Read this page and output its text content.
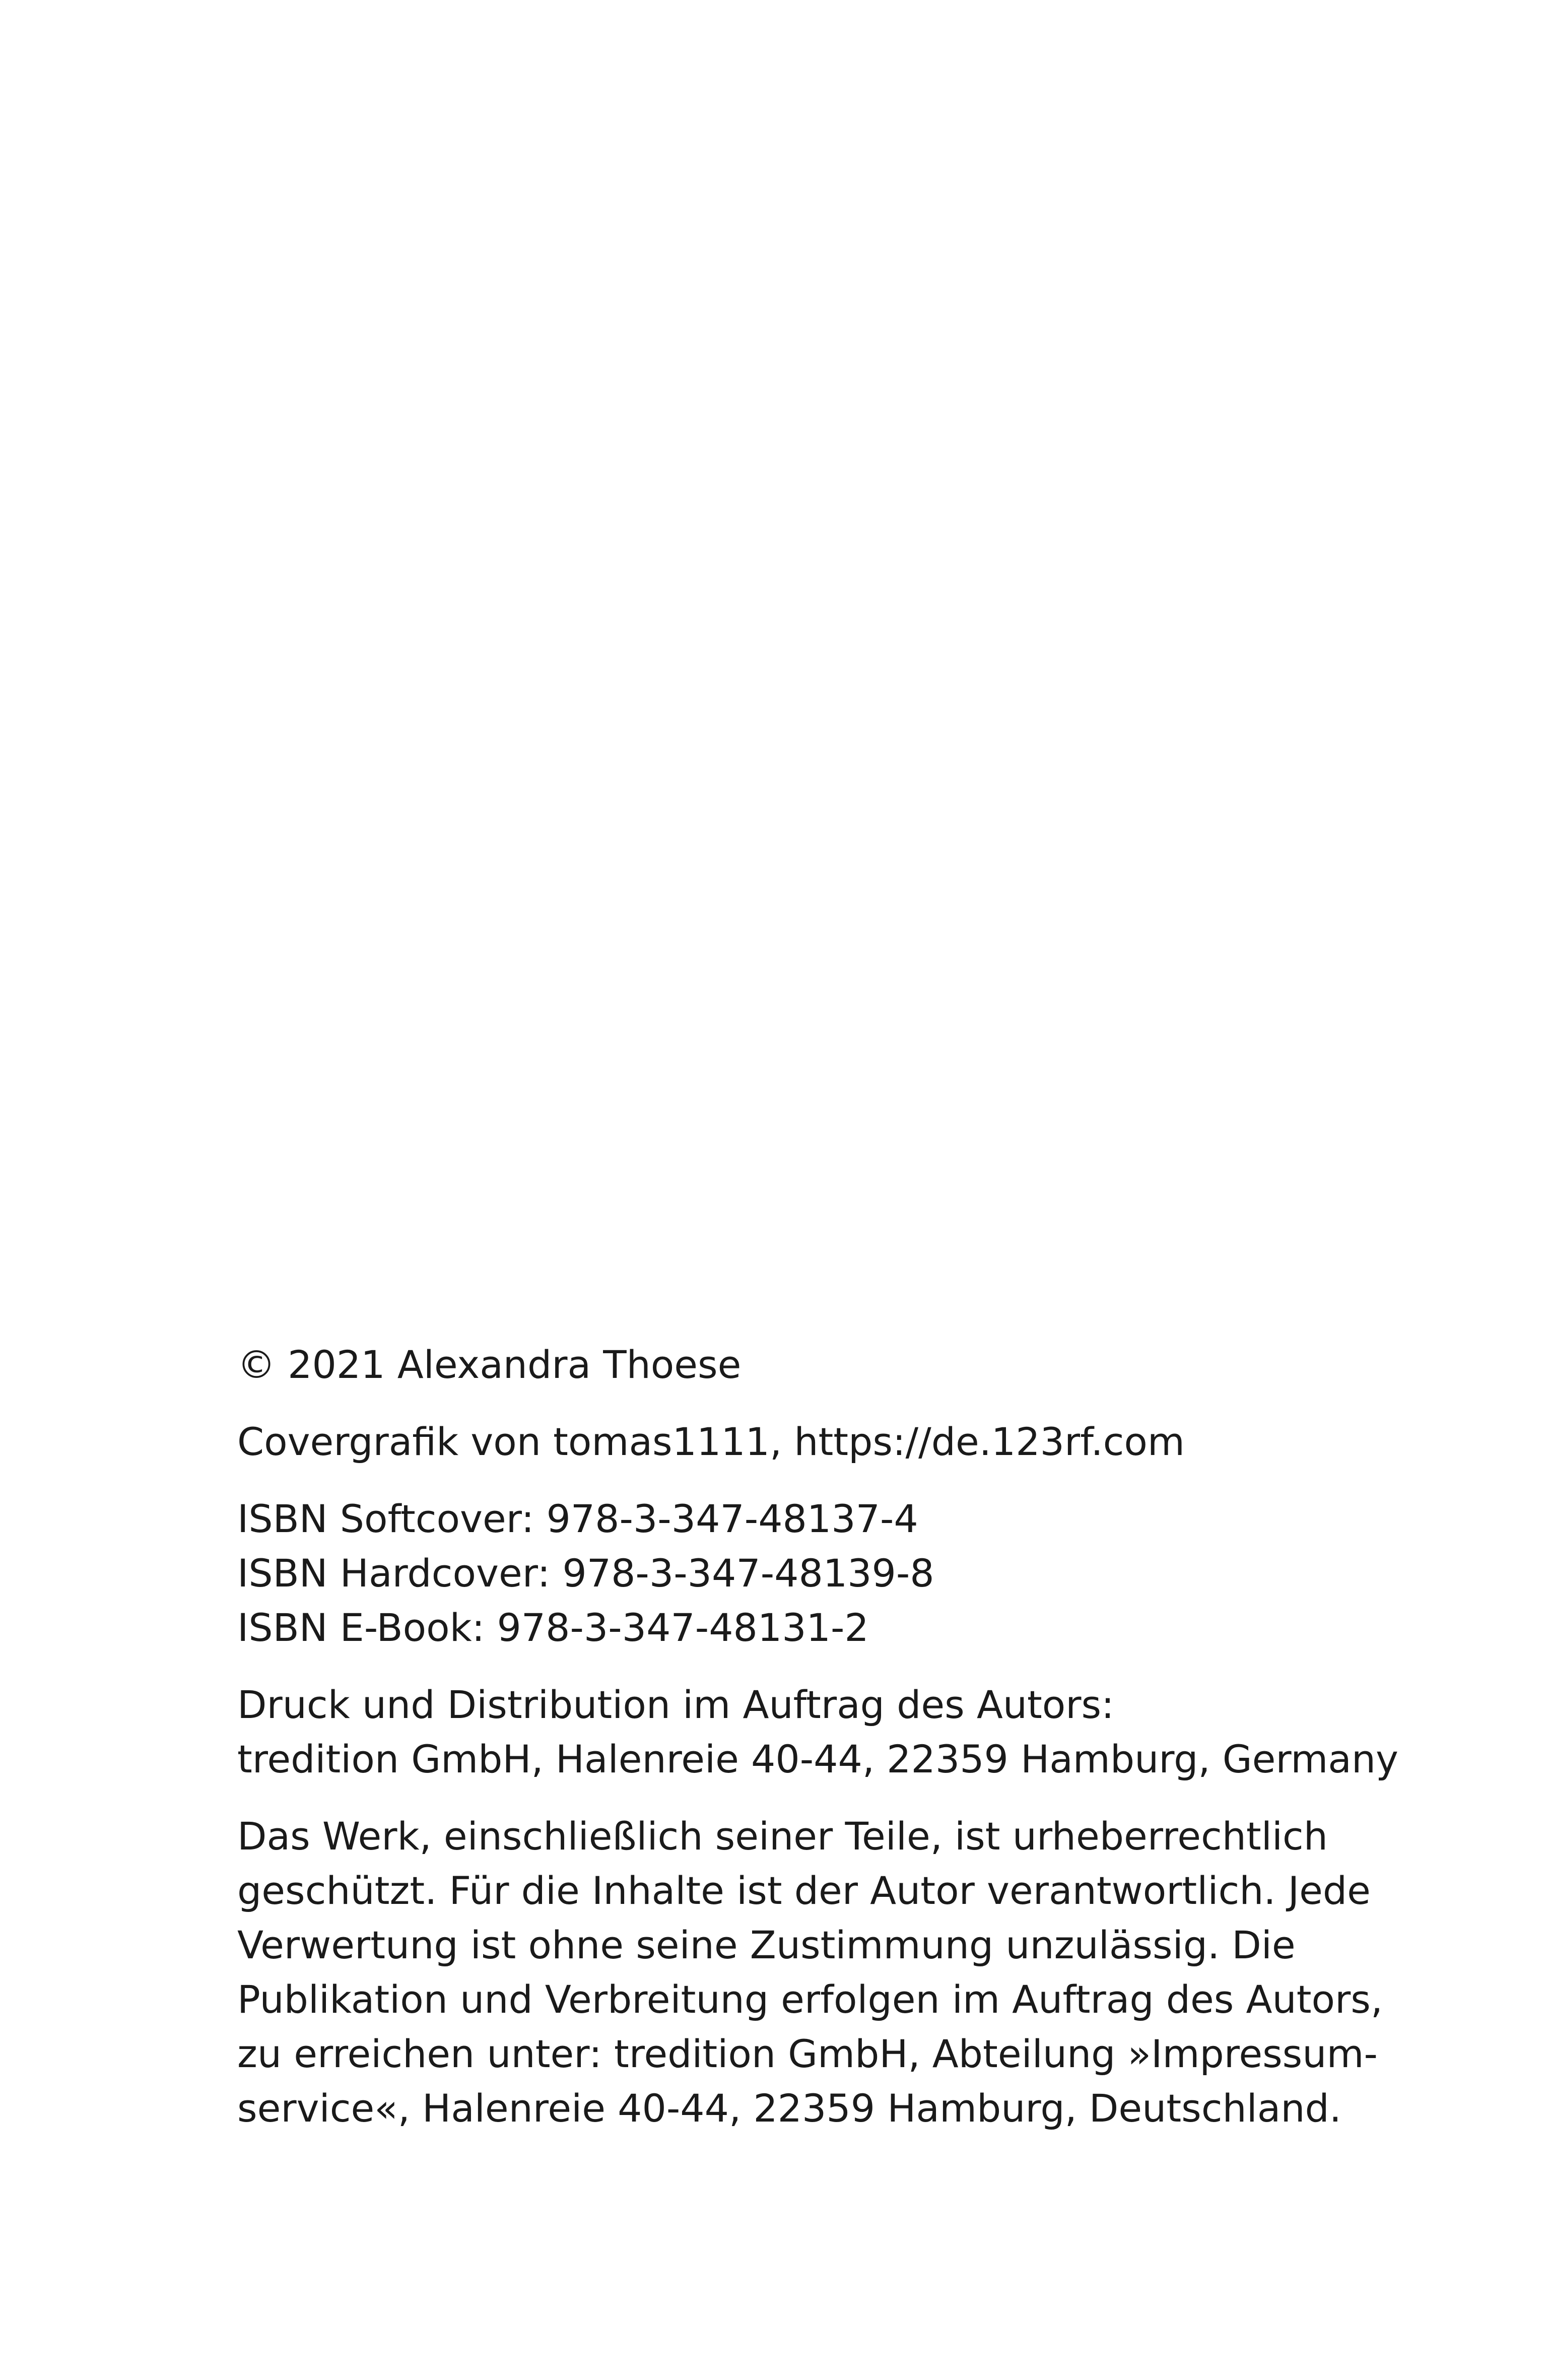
© 2021 Alexandra Thoese
Covergrafik von tomas1111, https://de.123rf.com
ISBN Softcover: 978-3-347-48137-4
ISBN Hardcover: 978-3-347-48139-8
ISBN E-Book: 978-3-347-48131-2
Druck und Distribution im Auftrag des Autors:
tredition GmbH, Halenreie 40-44, 22359 Hamburg, Germany
Das Werk, einschließlich seiner Teile, ist urheberrechtlich
geschützt. Für die Inhalte ist der Autor verantwortlich. Jede
Verwertung ist ohne seine Zustimmung unzulässig. Die
Publikation und Verbreitung erfolgen im Auftrag des Autors,
zu erreichen unter: tredition GmbH, Abteilung »Impressum-
service«, Halenreie 40-44, 22359 Hamburg, Deutschland.
